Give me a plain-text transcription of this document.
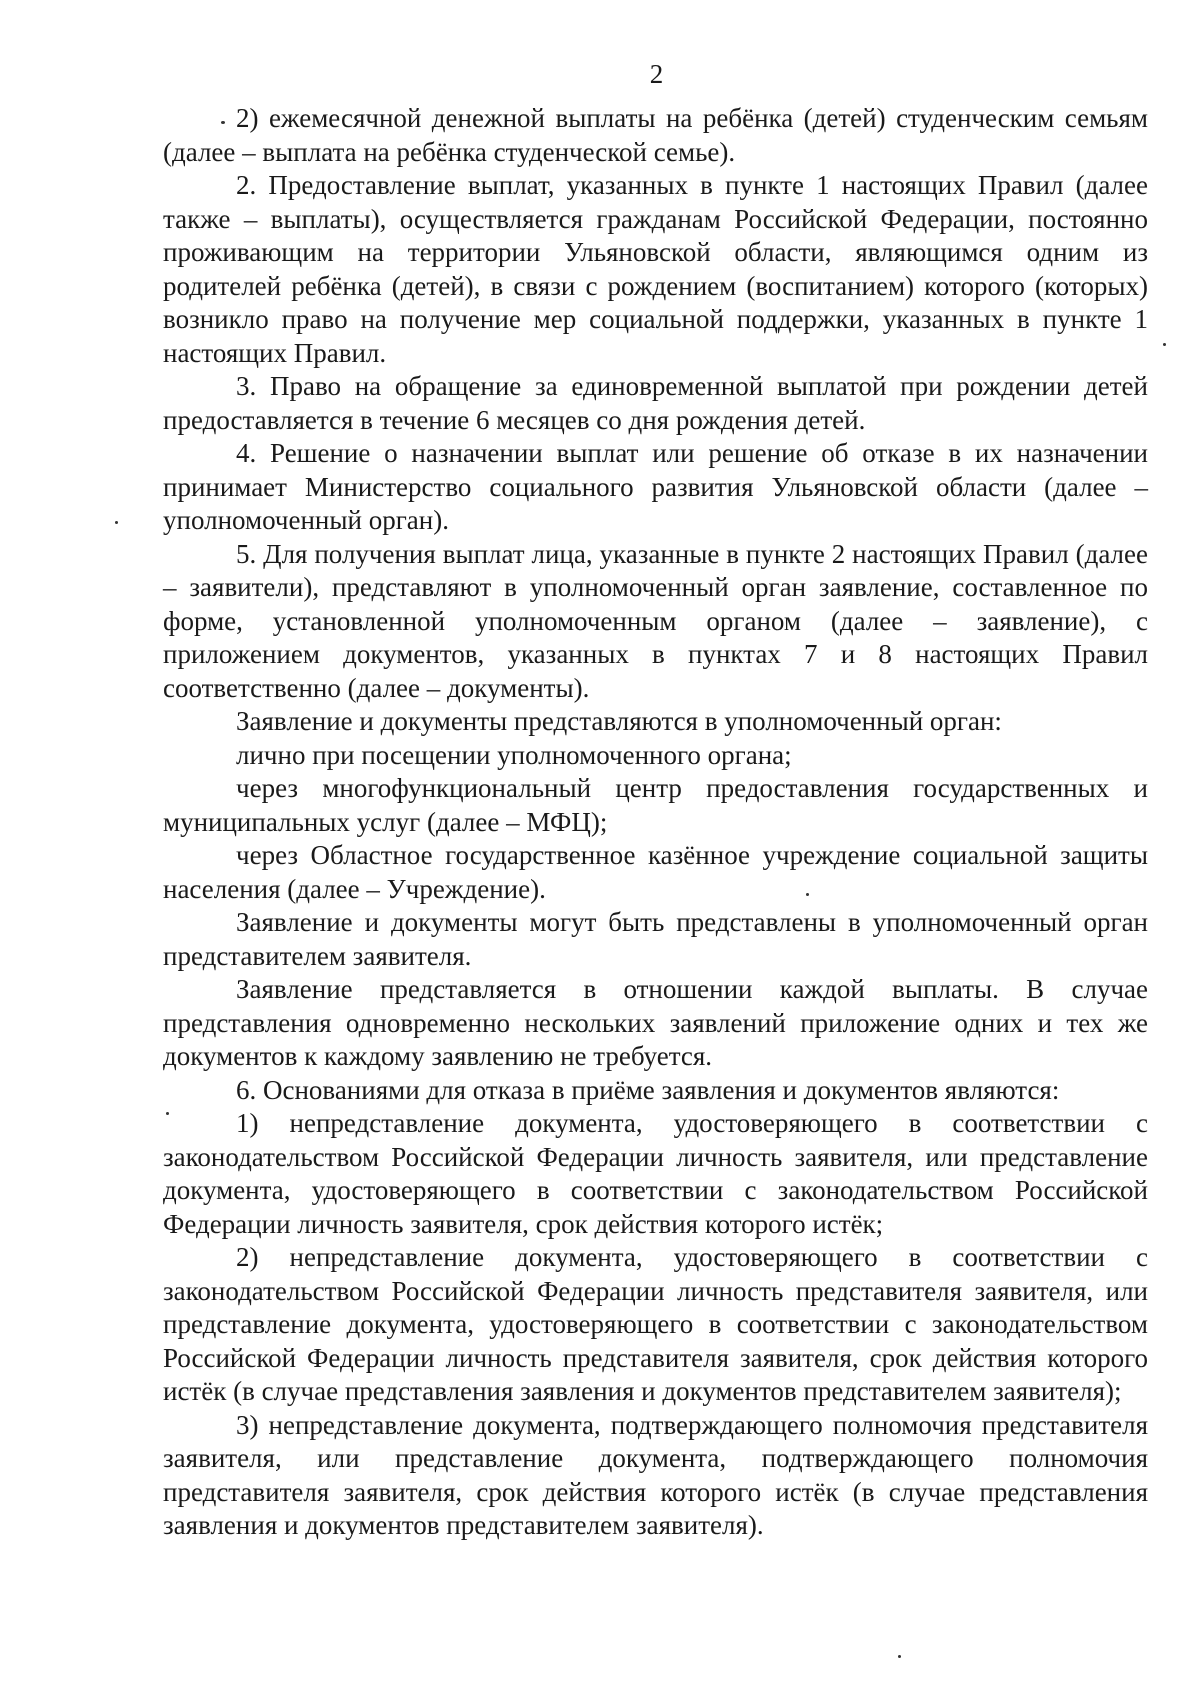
2

2) ежемесячной денежной выплаты на ребёнка (детей) студенческим семьям (далее – выплата на ребёнка студенческой семье).

2. Предоставление выплат, указанных в пункте 1 настоящих Правил (далее также – выплаты), осуществляется гражданам Российской Федерации, постоянно проживающим на территории Ульяновской области, являющимся одним из родителей ребёнка (детей), в связи с рождением (воспитанием) которого (которых) возникло право на получение мер социальной поддержки, указанных в пункте 1 настоящих Правил.

3. Право на обращение за единовременной выплатой при рождении детей предоставляется в течение 6 месяцев со дня рождения детей.

4. Решение о назначении выплат или решение об отказе в их назначении принимает Министерство социального развития Ульяновской области (далее – уполномоченный орган).

5. Для получения выплат лица, указанные в пункте 2 настоящих Правил (далее – заявители), представляют в уполномоченный орган заявление, составленное по форме, установленной уполномоченным органом (далее – заявление), с приложением документов, указанных в пунктах 7 и 8 настоящих Правил соответственно (далее – документы).

Заявление и документы представляются в уполномоченный орган:

лично при посещении уполномоченного органа;

через многофункциональный центр предоставления государственных и муниципальных услуг (далее – МФЦ);

через Областное государственное казённое учреждение социальной защиты населения (далее – Учреждение).

Заявление и документы могут быть представлены в уполномоченный орган представителем заявителя.

Заявление представляется в отношении каждой выплаты. В случае представления одновременно нескольких заявлений приложение одних и тех же документов к каждому заявлению не требуется.

6. Основаниями для отказа в приёме заявления и документов являются:

1) непредставление документа, удостоверяющего в соответствии с законодательством Российской Федерации личность заявителя, или представление документа, удостоверяющего в соответствии с законодательством Российской Федерации личность заявителя, срок действия которого истёк;

2) непредставление документа, удостоверяющего в соответствии с законодательством Российской Федерации личность представителя заявителя, или представление документа, удостоверяющего в соответствии с законодательством Российской Федерации личность представителя заявителя, срок действия которого истёк (в случае представления заявления и документов представителем заявителя);

3) непредставление документа, подтверждающего полномочия представителя заявителя, или представление документа, подтверждающего полномочия представителя заявителя, срок действия которого истёк (в случае представления заявления и документов представителем заявителя).
